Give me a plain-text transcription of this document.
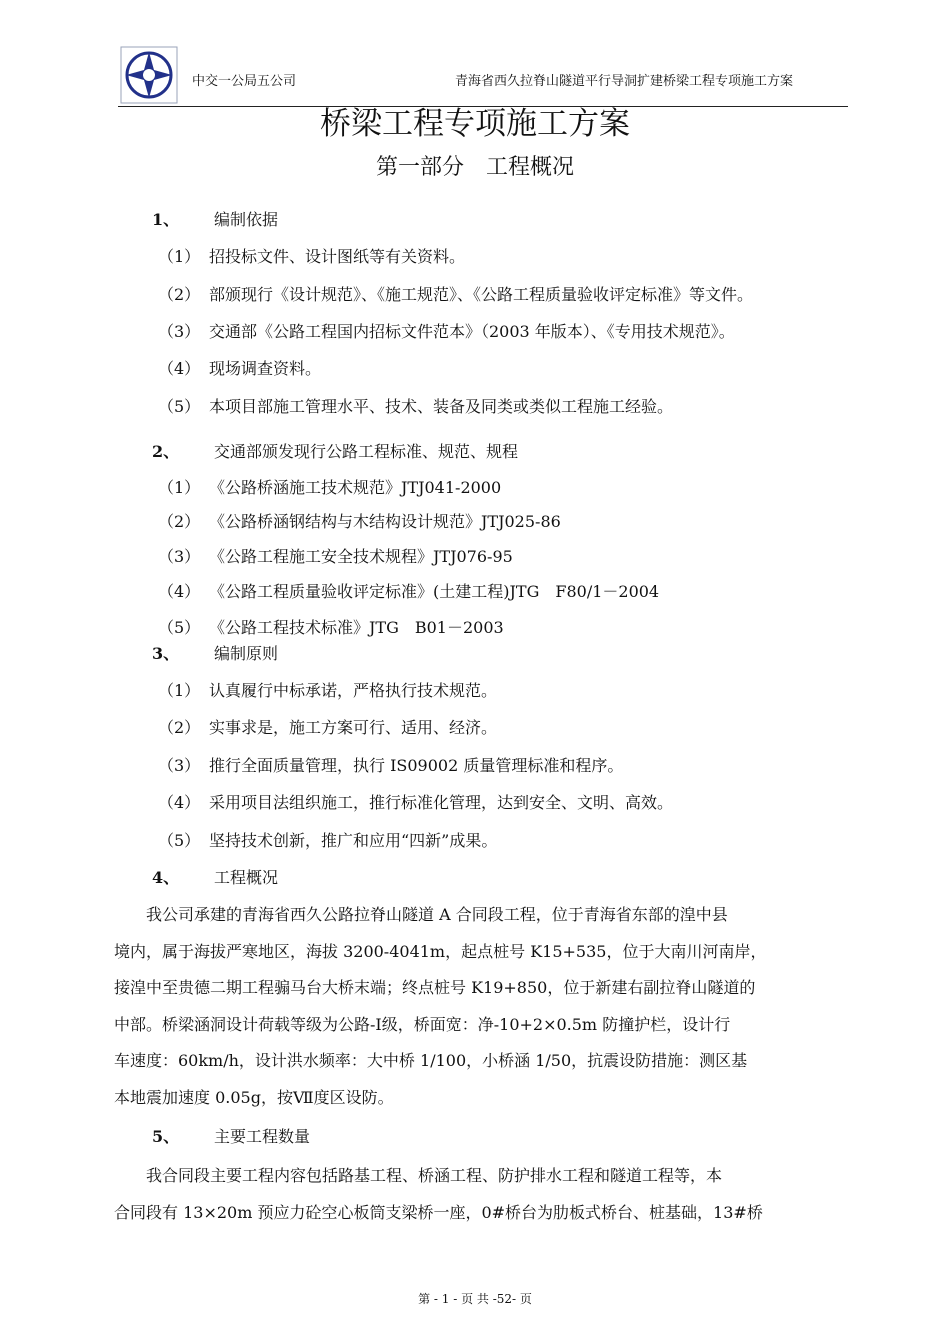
中交一公局五公司	青海省西久拉脊山隧道平行导洞扩建桥梁工程专项施工方案
桥梁工程专项施工方案
第一部分　工程概况
1、 编制依据
（1） 招投标文件、设计图纸等有关资料。
（2） 部颁现行《设计规范》、《施工规范》、《公路工程质量验收评定标准》等文件。
（3） 交通部《公路工程国内招标文件范本》（2003 年版本）、《专用技术规范》。
（4） 现场调查资料。
（5） 本项目部施工管理水平、技术、装备及同类或类似工程施工经验。
2、 交通部颁发现行公路工程标准、规范、规程
（1） 《公路桥涵施工技术规范》JTJ041-2000
（2） 《公路桥涵钢结构与木结构设计规范》JTJ025-86
（3） 《公路工程施工安全技术规程》JTJ076-95
（4） 《公路工程质量验收评定标准》(土建工程)JTG　F80/1－2004
（5） 《公路工程技术标准》JTG　B01－2003
3、 编制原则
（1） 认真履行中标承诺，严格执行技术规范。
（2） 实事求是，施工方案可行、适用、经济。
（3） 推行全面质量管理，执行 IS09002 质量管理标准和程序。
（4） 采用项目法组织施工，推行标准化管理，达到安全、文明、高效。
（5） 坚持技术创新，推广和应用“四新”成果。
4、 工程概况
　　我公司承建的青海省西久公路拉脊山隧道 A 合同段工程，位于青海省东部的湟中县
境内，属于海拔严寒地区，海拔 3200-4041m，起点桩号 K15+535，位于大南川河南岸，
接湟中至贵德二期工程骟马台大桥末端；终点桩号 K19+850，位于新建右副拉脊山隧道的
中部。桥梁涵洞设计荷载等级为公路-Ⅰ级，桥面宽：净-10+2×0.5m 防撞护栏，设计行
车速度：60km/h，设计洪水频率：大中桥 1/100，小桥涵 1/50，抗震设防措施：测区基
本地震加速度 0.05g，按Ⅶ度区设防。
5、 主要工程数量
　　我合同段主要工程内容包括路基工程、桥涵工程、防护排水工程和隧道工程等，本
合同段有 13×20m 预应力砼空心板筒支梁桥一座，0#桥台为肋板式桥台、桩基础，13#桥
第 - 1 - 页 共 -52- 页
